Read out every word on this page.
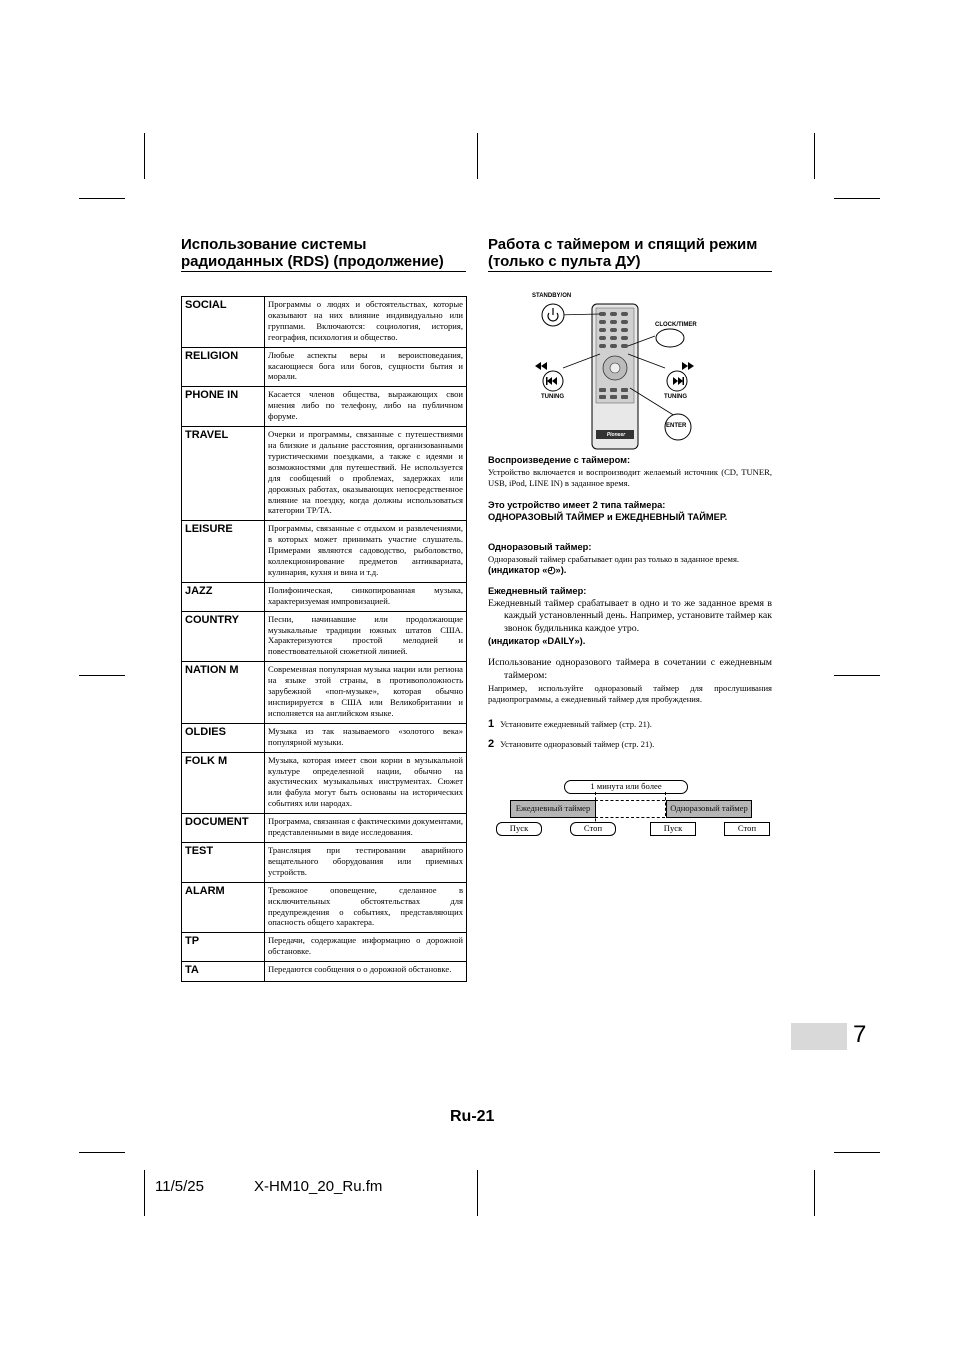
Использование системы
радиоданных (RDS) (продолжение)
SOCIAL	Программы о людях и обстоятельствах, которые оказывают на них влияние индивидуально или группами. Включаются: социология, история, география, психология и общество.
RELIGION	Любые аспекты веры и вероисповедания, касающиеся бога или богов, сущности бытия и морали.
PHONE IN	Касается членов общества, выражающих свои мнения либо по телефону, либо на публичном форуме.
TRAVEL	Очерки и программы, связанные с путешествиями на близкие и дальние расстояния, организованными туристическими поездками, а также с идеями и возможностями для путешествий. Не используется для сообщений о проблемах, задержках или дорожных работах, оказывающих непосредственное влияние на поездку, когда должны использоваться категории TP/TA.
LEISURE	Программы, связанные с отдыхом и развлечениями, в которых может принимать участие слушатель. Примерами являются садоводство, рыболовство, коллекционирование предметов антиквариата, кулинария, кухня и вина и т.д.
JAZZ	Полифоническая, синкопированная музыка, характеризуемая импровизацией.
COUNTRY	Песни, начинавшие или продолжающие музыкальные традиции южных штатов США. Характеризуются простой мелодией и повествовательной сюжетной линией.
NATION M	Современная популярная музыка нации или региона на языке этой страны, в противоположность зарубежной «поп-музыке», которая обычно инспирируется в США или Великобритании и исполняется на английском языке.
OLDIES	Музыка из так называемого «золотого века» популярной музыки.
FOLK M	Музыка, которая имеет свои корни в музыкальной культуре определенной нации, обычно на акустических музыкальных инструментах. Сюжет или фабула могут быть основаны на исторических событиях или народах.
DOCUMENT	Программа, связанная с фактическими документами, представленными в виде исследования.
TEST	Трансляция при тестировании аварийного вещательного оборудования или приемных устройств.
ALARM	Тревожное оповещение, сделанное в исключительных обстоятельствах для предупреждения о событиях, представляющих опасность общего характера.
TP	Передачи, содержащие информацию о дорожной обстановке.
TA	Передаются сообщения о о дорожной обстановке.
Работа с таймером и спящий режим
(только с пульта ДУ)
STANDBY/ON
CLOCK/TIMER
TUNING	TUNING
ENTER
Pioneer

Воспроизведение с таймером:

Устройство включается и воспроизводит желаемый источник (CD, TUNER, USB, iPod, LINE IN) в заданное время.

Это устройство имеет 2 типа таймера:

ОДНОРАЗОВЫЙ ТАЙМЕР и ЕЖЕДНЕВНЫЙ ТАЙМЕР.

Одноразовый таймер:

Одноразовый таймер срабатывает один раз только в заданное время.

(индикатор «◴»).

Ежедневный таймер:

Ежедневный таймер срабатывает в одно и то же заданное время в каждый установленный день. Например, установите таймер как звонок будильника каждое утро.

(индикатор «DAILY»).

Использование одноразового таймера в сочетании с ежедневным таймером:

Например, используйте одноразовый таймер для прослушивания радиопрограммы, а ежедневный таймер для пробуждения.

1 Установите ежедневный таймер (стр. 21).
2 Установите одноразовый таймер (стр. 21).
1 минута или более
Ежедневный таймер	Одноразовый таймер
Пуск	Стоп	Пуск	Стоп
7
Ru-21
11/5/25	X-HM10_20_Ru.fm
